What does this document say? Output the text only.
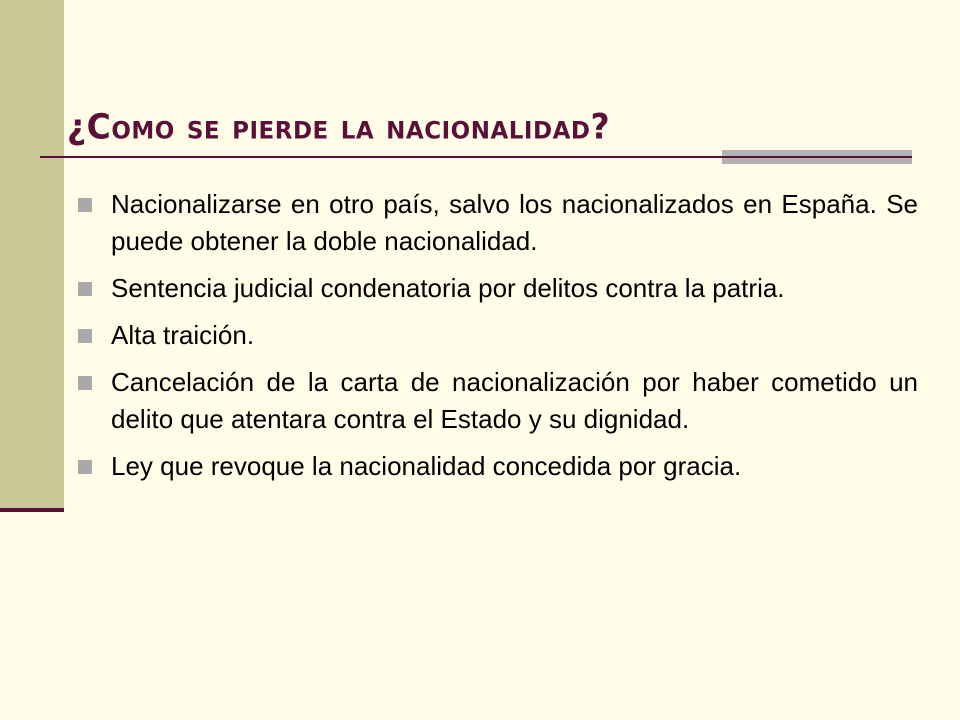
¿Como se pierde la nacionalidad?
Nacionalizarse en otro país, salvo los nacionalizados en España. Se puede obtener la doble nacionalidad.
Sentencia judicial condenatoria por delitos contra la patria.
Alta traición.
Cancelación de la carta de nacionalización por haber cometido un delito que atentara contra el Estado y su dignidad.
Ley que revoque la nacionalidad concedida por gracia.
